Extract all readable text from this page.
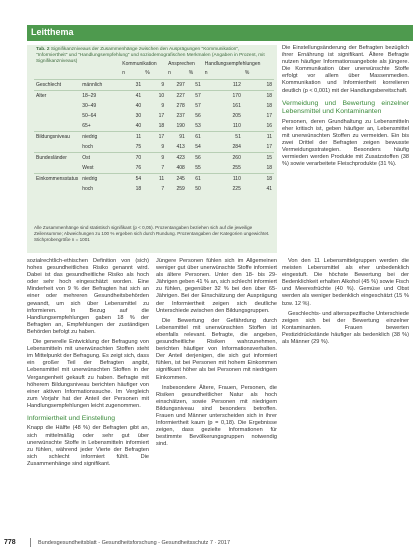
Leitthema
Tab. 2 Signifikanzniveaus der Zusammenhänge zwischen den Ausprägungen "Kommunikation", "Informiertheit" und "Handlungsempfehlung" und soziodemografischen Merkmalen (Angaben in Prozent, mit Signifikanzniveaus)
			Kommunikation		Ansprechen		Handlungsempfehlungen	
		n	%	n	%	n	%
Geschlecht	männlich	31	9	297	51	112	18
Alter	18–29	41	10	227	57	170	18
	30–49	40	9	278	57	161	18
	50–64	30	17	237	56	205	17
	65+	40	18	190	53	110	16
Bildungsniveau	niedrig	11	17	91	61	51	11
	hoch	75	9	413	54	284	17
Bundesländer	Ost	70	9	423	56	260	15
	West	76	7	408	55	255	18
Einkommensstatus	niedrig	54	11	245	61	110	18
	hoch	18	7	259	50	225	41
Alle Zusammenhänge sind statistisch signifikant (p < 0,05). Prozentangaben beziehen sich auf die jeweilige Zeilensumme; Abweichungen zu 100 % ergeben sich durch Rundung. Prozentangaben der Kategorien ungewichtet.
Stichprobengröße n = 1001

Die Einstellungsänderung der Befragten bezüglich ihrer Ernährung ist signifikant. Ältere Befragte nutzen häufiger Informationsangebote als jüngere. Die Kommunikation über unerwünschte Stoffe erfolgt vor allem über Massenmedien. Kommunikation und Informiertheit korrelieren deutlich (p < 0,001) mit der Handlungsbereitschaft.

Vermeidung und Bewertung einzelner Lebensmittel und Kontaminanten

Personen, deren Grundhaltung zu Lebensmitteln eher kritisch ist, geben häufiger an, Lebensmittel mit unerwünschten Stoffen zu vermeiden. Ein bis zwei Drittel der Befragten zeigen bewusste Vermeidungsstrategien. Besonders häufig vermieden werden Produkte mit Zusatzstoffen (38 %) sowie verarbeitete Fleischprodukte (31 %).

sozialrechtlich-ethischen Definition von (sich) hohes gesundheitliches Risiko genannt wird. Dabei ist das gesundheitliche Risiko als hoch oder sehr hoch eingeschätzt worden. Eine Minderheit von 9 % der Befragten hat sich an einer oder mehreren Gesundheitsbehörden gewandt, um sich über Lebensmittel zu informieren. In Bezug auf die Handlungsempfehlungen gaben 18 % der Befragten an, Empfehlungen der zuständigen Behörden befolgt zu haben.

Die generelle Entwicklung der Befragung von Lebensmitteln mit unerwünschten Stoffen steht im Mittelpunkt der Befragung. Es zeigt sich, dass ein großer Teil der Befragten angibt, Lebensmittel mit unerwünschten Stoffen in der Vergangenheit gekauft zu haben. Befragte mit höherem Bildungsniveau berichten häufiger von einer aktiven Informationssuche. Im Vergleich zum Vorjahr hat der Anteil der Personen mit Handlungsempfehlungen leicht zugenommen.

Informiertheit und Einstellung

Knapp die Hälfte (48 %) der Befragten gibt an, sich mittelmäßig oder sehr gut über unerwünschte Stoffe in Lebensmitteln informiert zu fühlen, während jeder Vierte der Befragten sich schlecht informiert fühlt. Die Zusammenhänge sind signifikant.

Jüngere Personen fühlen sich im Allgemeinen weniger gut über unerwünschte Stoffe informiert als ältere Personen. Unter den 18- bis 29-Jährigen geben 41 % an, sich schlecht informiert zu fühlen, gegenüber 32 % bei den über 65-Jährigen. Bei der Einschätzung der Ausprägung der Informiertheit zeigen sich deutliche Unterschiede zwischen den Bildungsgruppen.

Die Bewertung der Gefährdung durch Lebensmittel mit unerwünschten Stoffen ist ebenfalls relevant. Befragte, die angeben, gesundheitliche Risiken wahrzunehmen, berichten häufiger von Informationsverhalten. Der Anteil derjenigen, die sich gut informiert fühlen, ist bei Personen mit hohem Einkommen signifikant höher als bei Personen mit niedrigem Einkommen.

Insbesondere Ältere, Frauen, Personen, die Risiken gesundheitlicher Natur als hoch einschätzen, sowie Personen mit niedrigem Bildungsniveau sind besonders betroffen. Frauen und Männer unterscheiden sich in ihrer Informiertheit kaum (p = 0,18). Die Ergebnisse zeigen, dass gezielte Informationen für bestimmte Bevölkerungsgruppen notwendig sind.

Von den 11 Lebensmittelgruppen werden die meisten Lebensmittel als eher unbedenklich eingestuft. Die höchste Bewertung bei der Bedenklichkeit erhalten Alkohol (45 %) sowie Fisch und Meeresfrüchte (40 %). Gemüse und Obst werden als weniger bedenklich eingeschätzt (15 % bzw. 12 %).

Geschlechts- und altersspezifische Unterschiede zeigen sich bei der Bewertung einzelner Kontaminanten. Frauen bewerten Pestizidrückstände häufiger als bedenklich (38 %) als Männer (29 %).

778	Bundesgesundheitsblatt - Gesundheitsforschung - Gesundheitsschutz 7 · 2017
